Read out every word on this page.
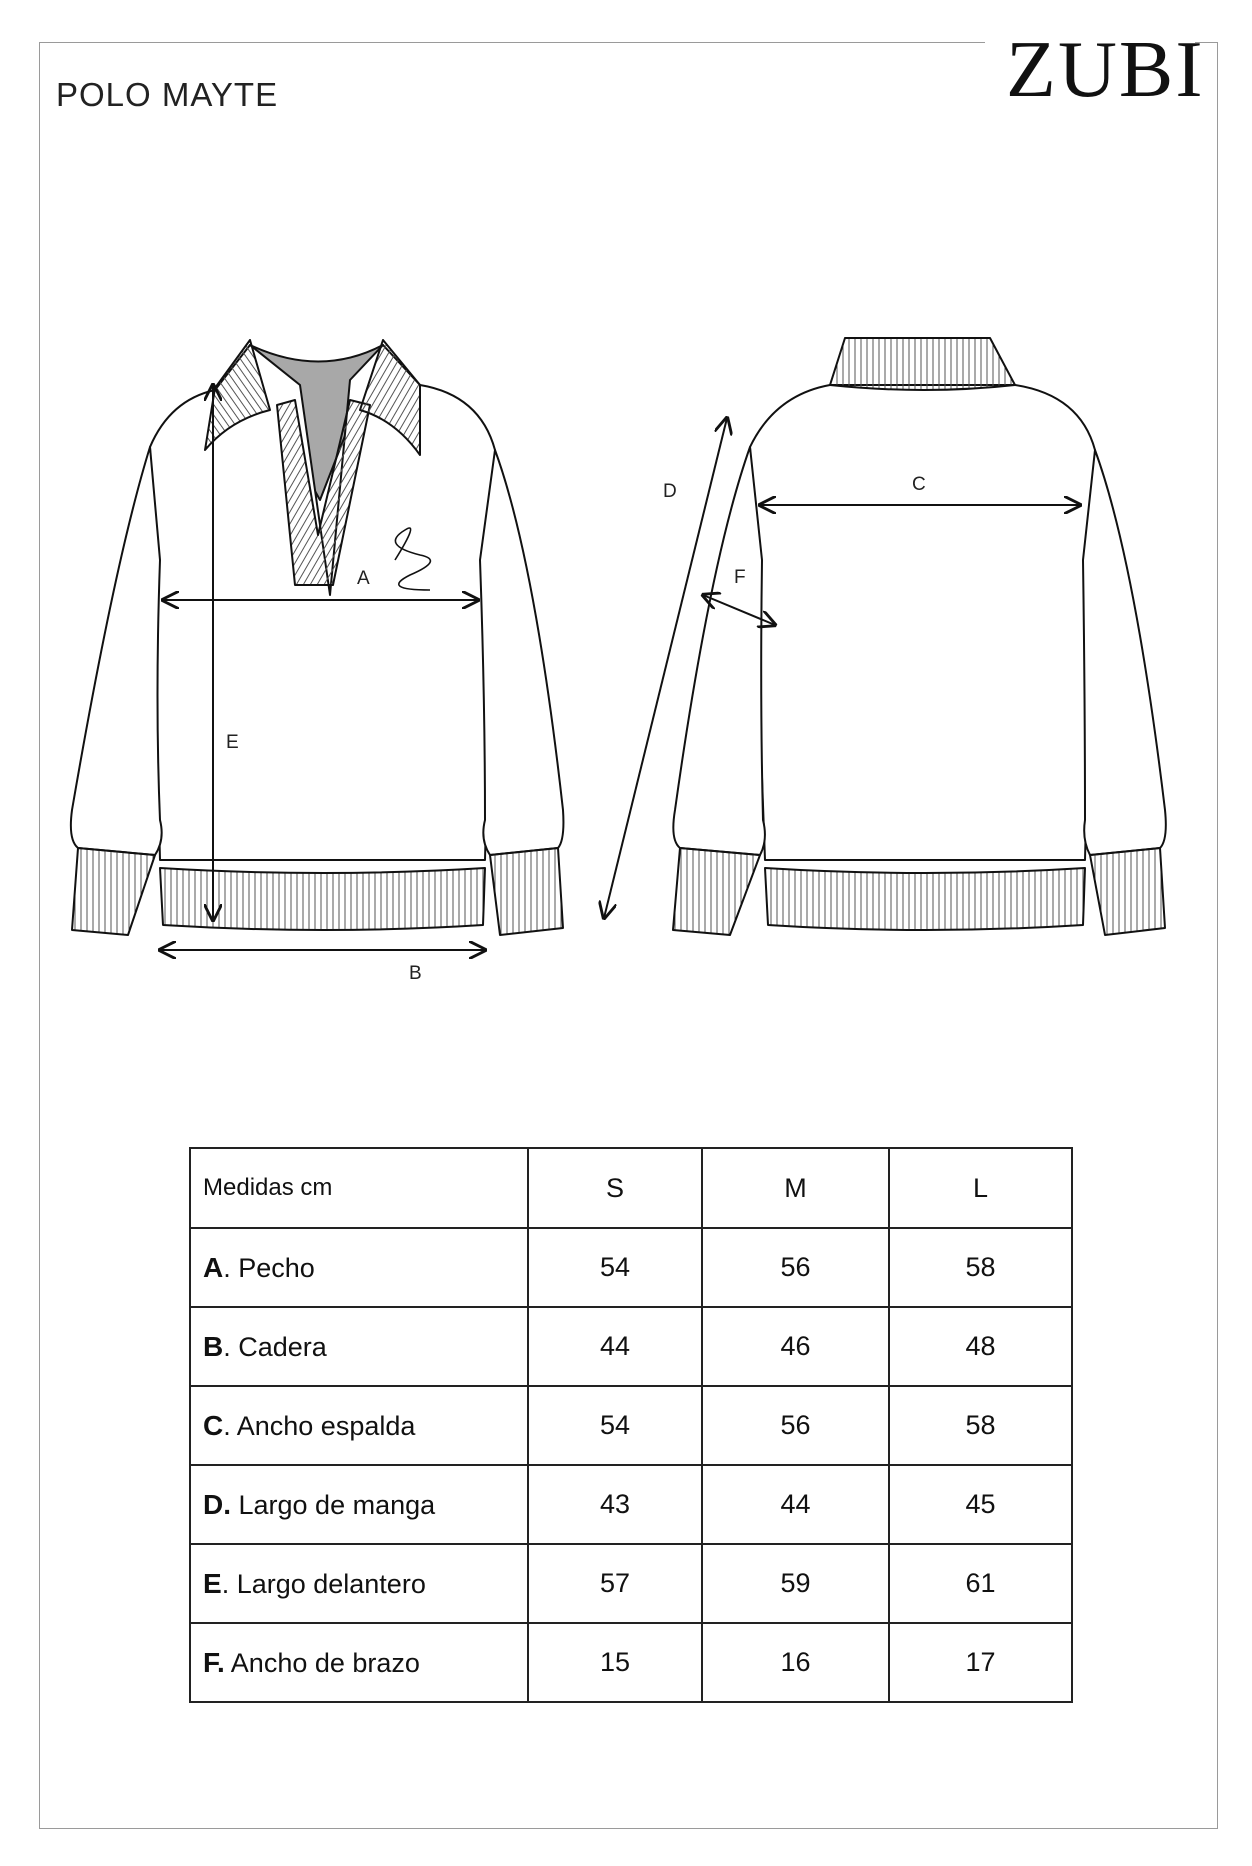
POLO MAYTE	ZUBI
A
B
C
D
E
F
Medidas cm	S	M	L
A. Pecho	54	56	58
B. Cadera	44	46	48
C. Ancho espalda	54	56	58
D. Largo de manga	43	44	45
E. Largo delantero	57	59	61
F. Ancho de brazo	15	16	17
